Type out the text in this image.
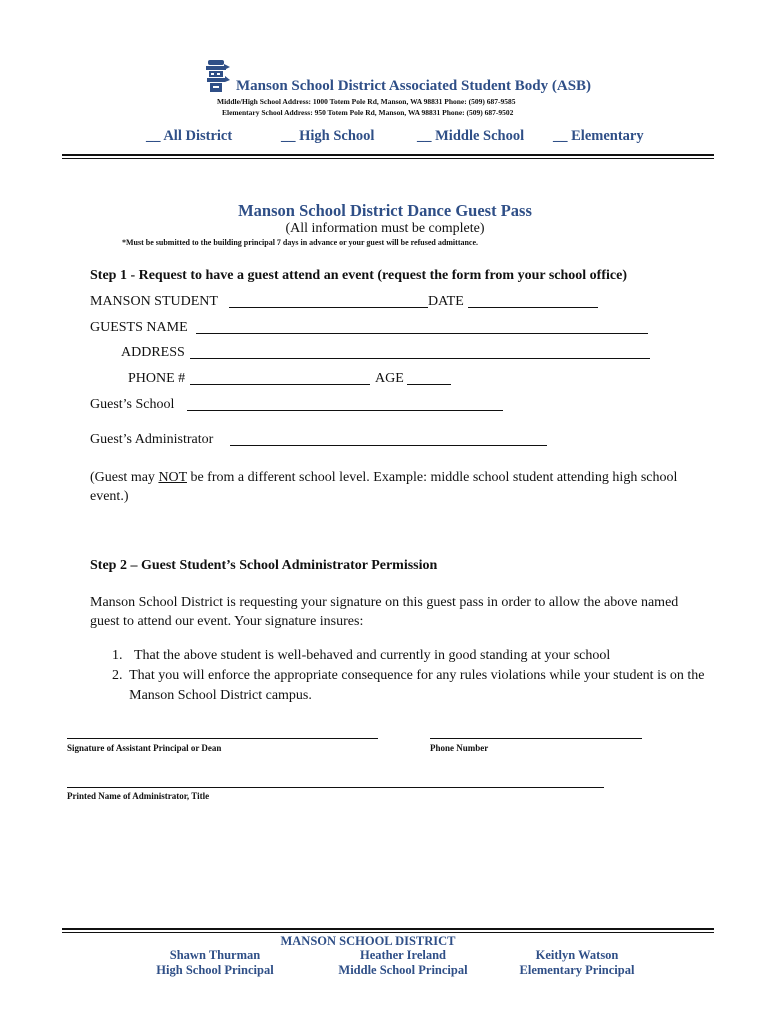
Manson School District Associated Student Body (ASB)
Middle/High School Address: 1000 Totem Pole Rd, Manson, WA 98831 Phone: (509) 687-9585
Elementary School Address: 950 Totem Pole Rd, Manson, WA 98831 Phone: (509) 687-9502
__ All District	__ High School	__ Middle School __ Elementary
Manson School District Dance Guest Pass
(All information must be complete)
*Must be submitted to the building principal 7 days in advance or your guest will be refused admittance.
Step 1 - Request to have a guest attend an event (request the form from your school office)
MANSON STUDENT	DATE
GUESTS NAME
ADDRESS
PHONE #	AGE
Guest’s School
Guest’s Administrator
(Guest may NOT be from a different school level. Example: middle school student attending high school event.)
Step 2 – Guest Student’s School Administrator Permission
Manson School District is requesting your signature on this guest pass in order to allow the above named guest to attend our event. Your signature insures:
1. That the above student is well-behaved and currently in good standing at your school
2. That you will enforce the appropriate consequence for any rules violations while your student is on the Manson School District campus.
Signature of Assistant Principal or Dean	Phone Number
Printed Name of Administrator, Title
MANSON SCHOOL DISTRICT
Shawn Thurman
High School Principal
Heather Ireland
Middle School Principal
Keitlyn Watson
Elementary Principal
